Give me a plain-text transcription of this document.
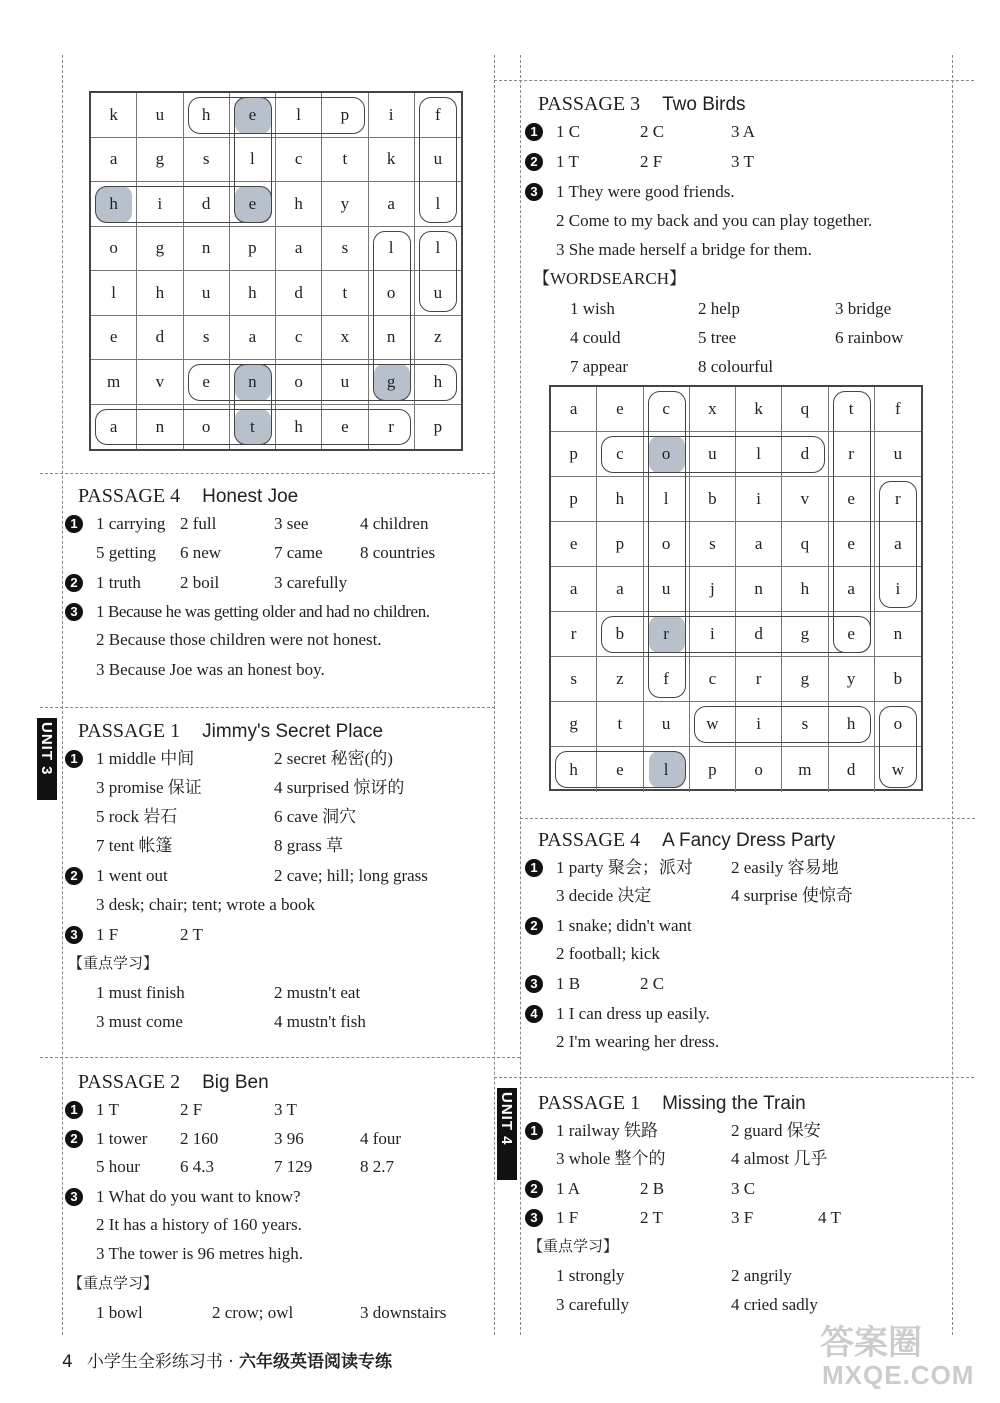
k	u	h	e	l	p	i	f
a	g	s	l	c	t	k	u
h	i	d	e	h	y	a	l
o	g	n	p	a	s	l	l
l	h	u	h	d	t	o	u
e	d	s	a	c	x	n	z
m	v	e	n	o	u	g	h
a	n	o	t	h	e	r	p
a	e	c	x	k	q	t	f
p	c	o	u	l	d	r	u
p	h	l	b	i	v	e	r
e	p	o	s	a	q	e	a
a	a	u	j	n	h	a	i
r	b	r	i	d	g	e	n
s	z	f	c	r	g	y	b
g	t	u	w	i	s	h	o
h	e	l	p	o	m	d	w
PASSAGE 4 Honest Joe
1	1 carrying 2 full	3 see	4 children
5 getting 6 new	7 came 8 countries
2	1 truth 2 boil	3 carefully
3	1 Because he was getting older and had no children.
2 Because those children were not honest.
3 Because Joe was an honest boy.
UNIT 3 PASSAGE 1 Jimmy's Secret Place
1	1 middle 中间	2 secret 秘密(的)
3 promise 保证	4 surprised 惊讶的
5 rock 岩石	6 cave 洞穴
7 tent 帐篷	8 grass 草
2	1 went out	2 cave; hill; long grass
3 desk; chair; tent; wrote a book
3	1 F	2 T
【重点学习】
1 must finish	2 mustn't eat
3 must come	4 mustn't fish
PASSAGE 2 Big Ben
1	1 T	2 F	3 T
2	1 tower 2 160	3 96	4 four
5 hour 6 4.3	7 129	8 2.7
3	1 What do you want to know?
2 It has a history of 160 years.
3 The tower is 96 metres high.
【重点学习】
1 bowl	2 crow; owl	3 downstairs
PASSAGE 3 Two Birds
1	1 C	2 C	3 A
2	1 T	2 F	3 T
3	1 They were good friends.
2 Come to my back and you can play together.
3 She made herself a bridge for them.
【WORDSEARCH】
1 wish	2 help	3 bridge
4 could	5 tree	6 rainbow
7 appear	8 colourful
PASSAGE 4 A Fancy Dress Party
1	1 party 聚会；派对 2 easily 容易地
3 decide 决定	4 surprise 使惊奇
2	1 snake; didn't want
2 football; kick
3	1 B	2 C
4	1 I can dress up easily.
2 I'm wearing her dress.
UNIT 4 PASSAGE 1 Missing the Train
1	1 railway 铁路	2 guard 保安
3 whole 整个的	4 almost 几乎
2	1 A	2 B	3 C
3	1 F	2 T	3 F	4 T
【重点学习】
1 strongly	2 angrily
3 carefully	4 cried sadly
4 小学生全彩练习书 · 六年级英语阅读专练	答案圈
MXQE.COM
